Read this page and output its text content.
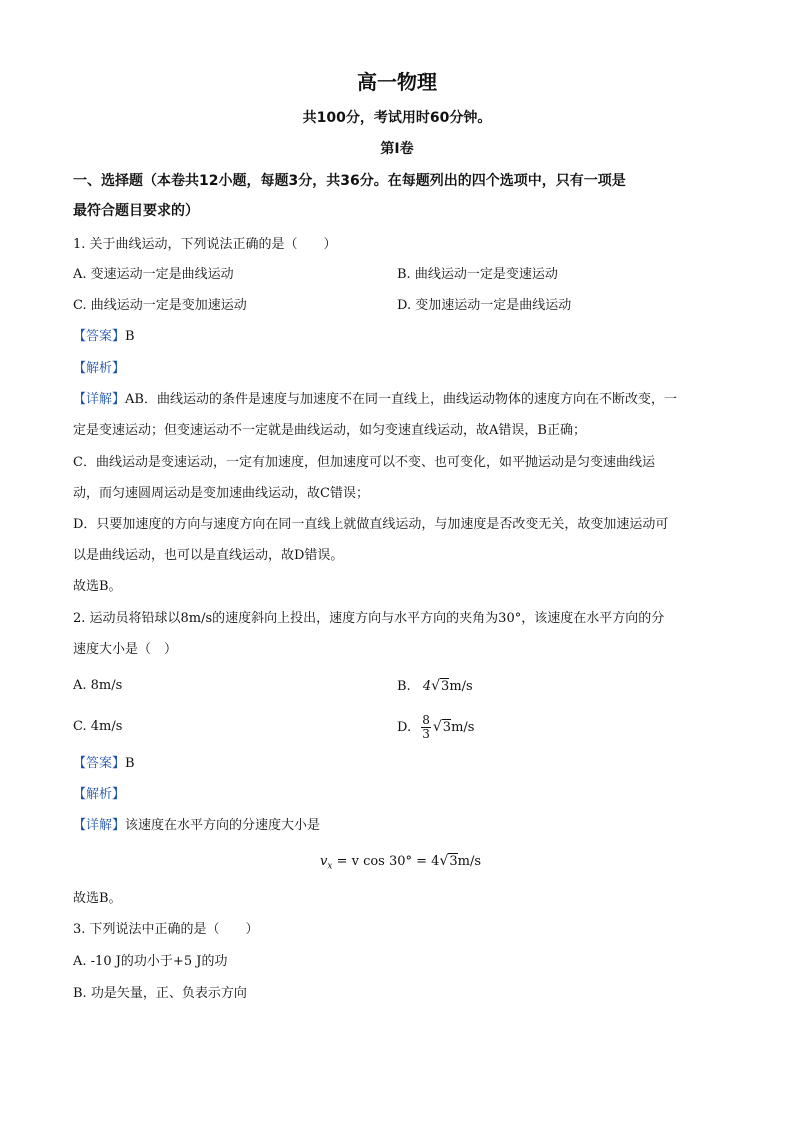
高一物理
共100分，考试用时60分钟。
第I卷
一、选择题（本卷共12小题，每题3分，共36分。在每题列出的四个选项中，只有一项是
最符合题目要求的）
1. 关于曲线运动，下列说法正确的是（　　）
A. 变速运动一定是曲线运动	B. 曲线运动一定是变速运动
C. 曲线运动一定是变加速运动	D. 变加速运动一定是曲线运动
【答案】B
【解析】
【详解】AB．曲线运动的条件是速度与加速度不在同一直线上，曲线运动物体的速度方向在不断改变，一
定是变速运动；但变速运动不一定就是曲线运动，如匀变速直线运动，故A错误，B正确；
C．曲线运动是变速运动，一定有加速度，但加速度可以不变、也可变化，如平抛运动是匀变速曲线运
动，而匀速圆周运动是变加速曲线运动，故C错误；
D．只要加速度的方向与速度方向在同一直线上就做直线运动，与加速度是否改变无关，故变加速运动可
以是曲线运动，也可以是直线运动，故D错误。
故选B。
2. 运动员将铅球以8m/s的速度斜向上投出，速度方向与水平方向的夹角为30°，该速度在水平方向的分
速度大小是（　）
A. 8m/s	B. 4√3m/s
C. 4m/s	D. $\frac{8}{3} √3m/s$
【答案】B
【解析】
【详解】该速度在水平方向的分速度大小是
$v_x = v$ cos 30° = 4√3m/s
故选B。
3. 下列说法中正确的是（　　）
A. -10 J的功小于+5 J的功
B. 功是矢量，正、负表示方向
